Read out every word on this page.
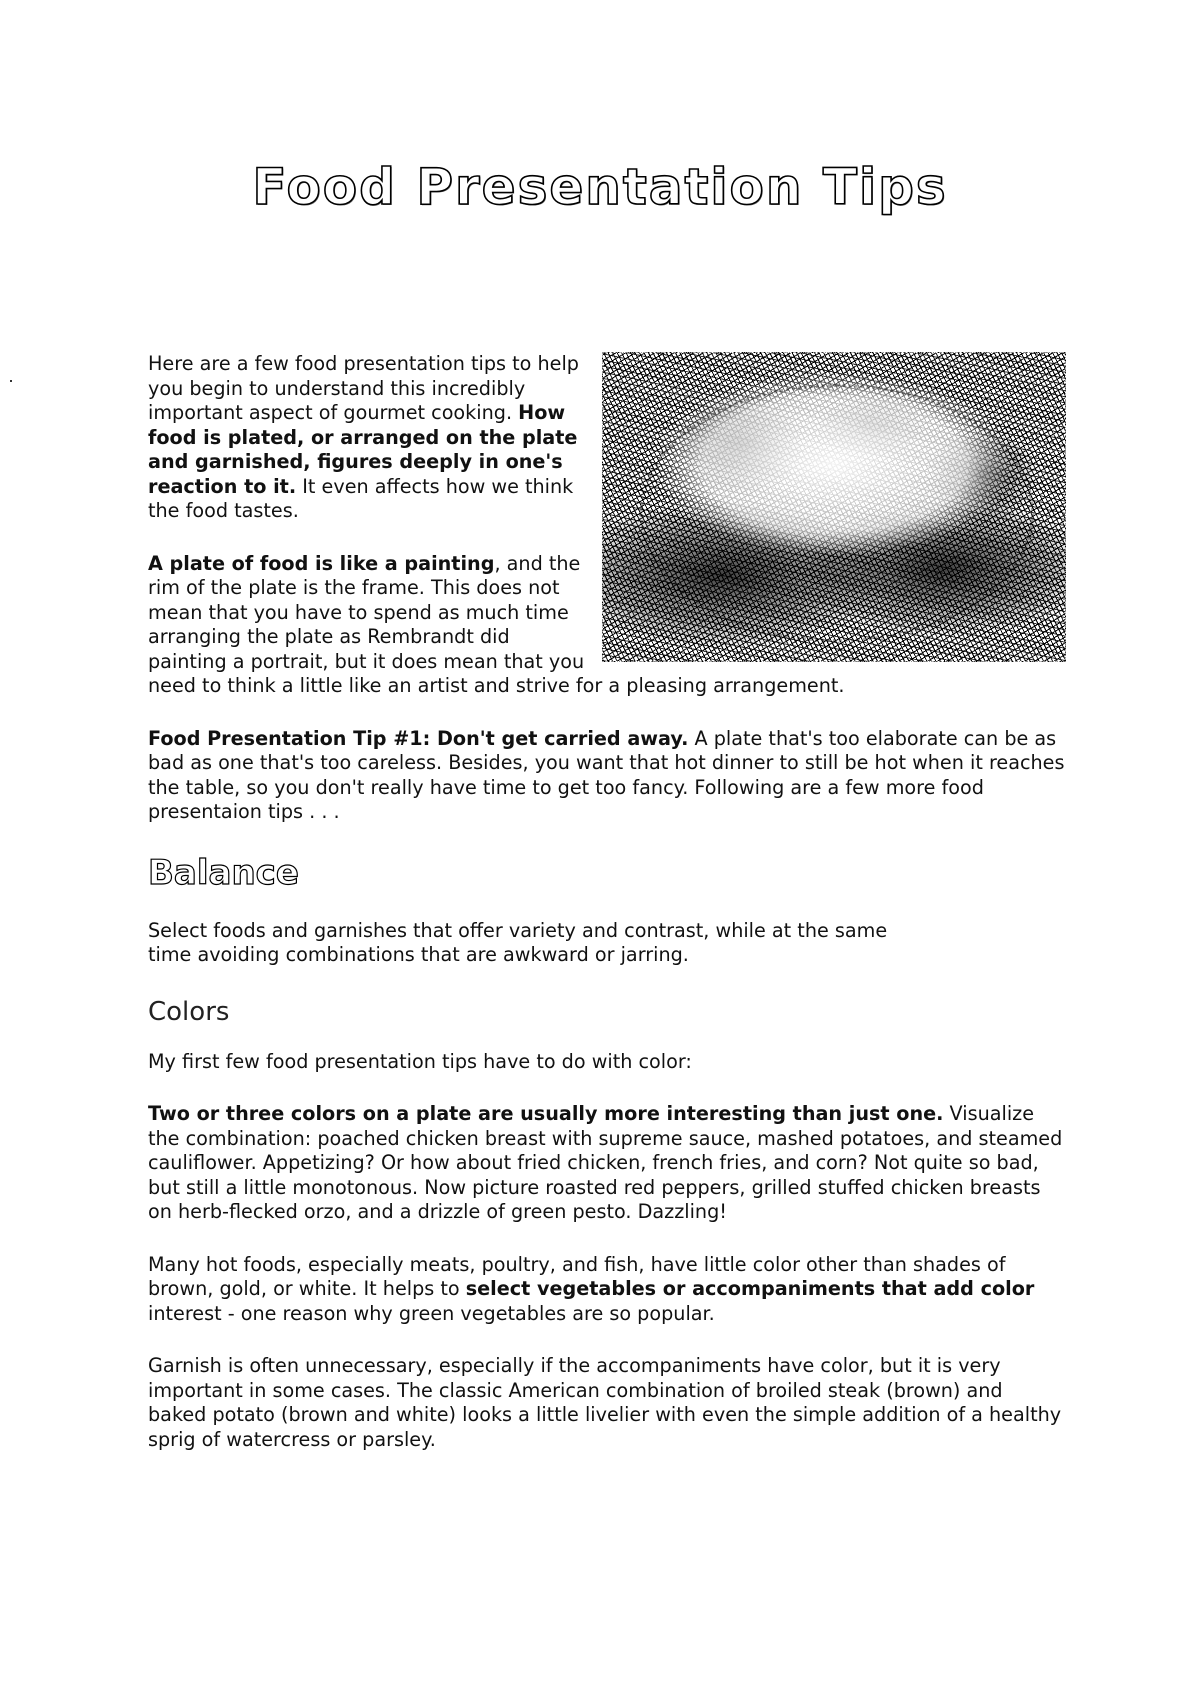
Food Presentation Tips

Here are a few food presentation tips to help you begin to understand this incredibly important aspect of gourmet cooking. How food is plated, or arranged on the plate and garnished, figures deeply in one's reaction to it. It even affects how we think the food tastes.

A plate of food is like a painting, and the rim of the plate is the frame. This does not mean that you have to spend as much time arranging the plate as Rembrandt did painting a portrait, but it does mean that you need to think a little like an artist and strive for a pleasing arrangement.

Food Presentation Tip #1: Don't get carried away. A plate that's too elaborate can be as bad as one that's too careless. Besides, you want that hot dinner to still be hot when it reaches the table, so you don't really have time to get too fancy. Following are a few more food presentaion tips . . .

Balance

Select foods and garnishes that offer variety and contrast, while at the same time avoiding combinations that are awkward or jarring.

Colors

My first few food presentation tips have to do with color:

Two or three colors on a plate are usually more interesting than just one. Visualize the combination: poached chicken breast with supreme sauce, mashed potatoes, and steamed cauliflower. Appetizing? Or how about fried chicken, french fries, and corn? Not quite so bad, but still a little monotonous. Now picture roasted red peppers, grilled stuffed chicken breasts on herb-flecked orzo, and a drizzle of green pesto. Dazzling!

Many hot foods, especially meats, poultry, and fish, have little color other than shades of brown, gold, or white. It helps to select vegetables or accompaniments that add color interest - one reason why green vegetables are so popular.

Garnish is often unnecessary, especially if the accompaniments have color, but it is very important in some cases. The classic American combination of broiled steak (brown) and baked potato (brown and white) looks a little livelier with even the simple addition of a healthy sprig of watercress or parsley.
